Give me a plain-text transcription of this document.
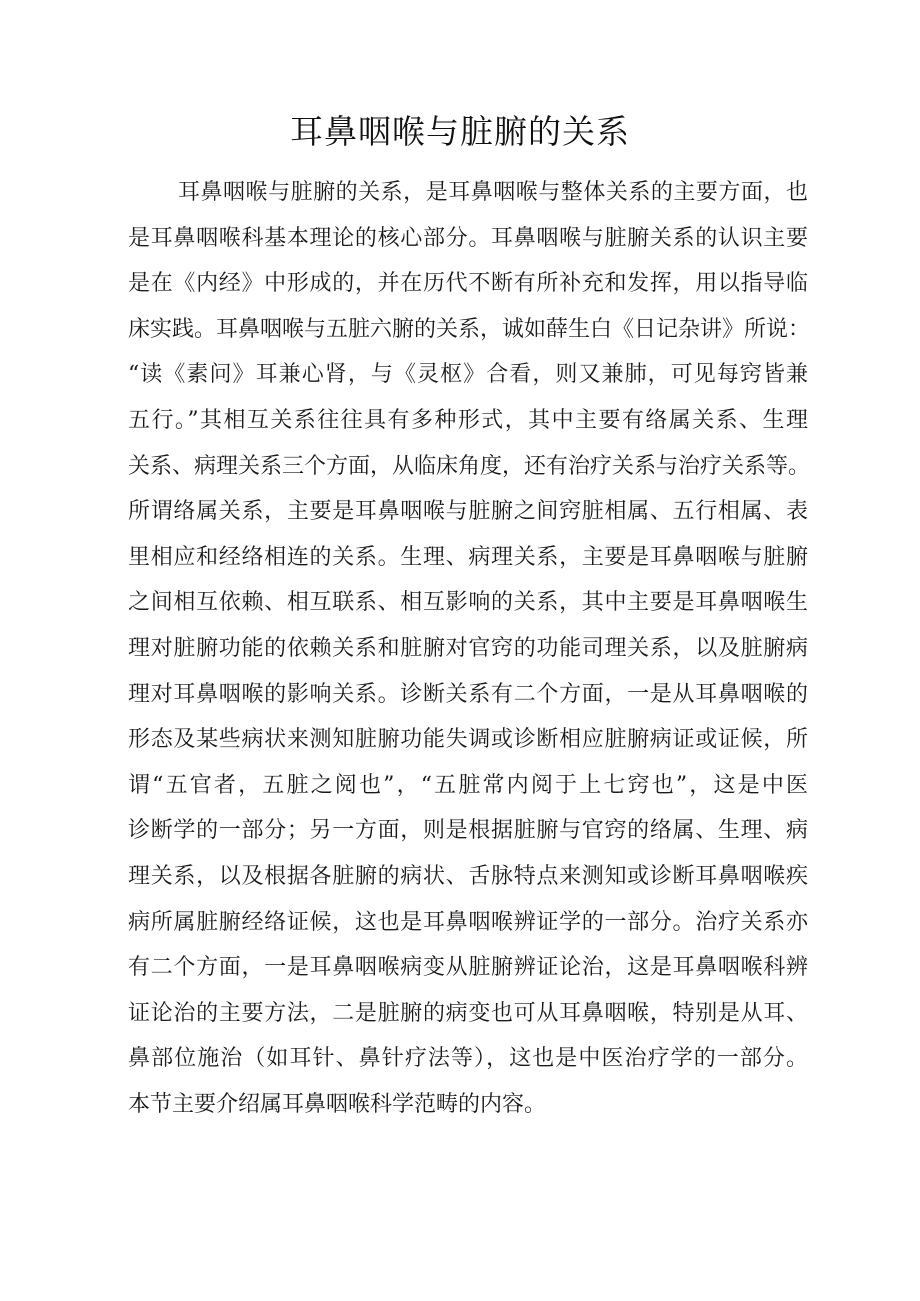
耳鼻咽喉与脏腑的关系
耳鼻咽喉与脏腑的关系，是耳鼻咽喉与整体关系的主要方面，也
是耳鼻咽喉科基本理论的核心部分。耳鼻咽喉与脏腑关系的认识主要
是在《内经》中形成的，并在历代不断有所补充和发挥，用以指导临
床实践。耳鼻咽喉与五脏六腑的关系，诚如薛生白《日记杂讲》所说：
“读《素问》耳兼心肾，与《灵枢》合看，则又兼肺，可见每窍皆兼
五行。”其相互关系往往具有多种形式，其中主要有络属关系、生理
关系、病理关系三个方面，从临床角度，还有治疗关系与治疗关系等。
所谓络属关系，主要是耳鼻咽喉与脏腑之间窍脏相属、五行相属、表
里相应和经络相连的关系。生理、病理关系，主要是耳鼻咽喉与脏腑
之间相互依赖、相互联系、相互影响的关系，其中主要是耳鼻咽喉生
理对脏腑功能的依赖关系和脏腑对官窍的功能司理关系，以及脏腑病
理对耳鼻咽喉的影响关系。诊断关系有二个方面，一是从耳鼻咽喉的
形态及某些病状来测知脏腑功能失调或诊断相应脏腑病证或证候，所
谓“五官者，五脏之阅也”，“五脏常内阅于上七窍也”，这是中医
诊断学的一部分；另一方面，则是根据脏腑与官窍的络属、生理、病
理关系，以及根据各脏腑的病状、舌脉特点来测知或诊断耳鼻咽喉疾
病所属脏腑经络证候，这也是耳鼻咽喉辨证学的一部分。治疗关系亦
有二个方面，一是耳鼻咽喉病变从脏腑辨证论治，这是耳鼻咽喉科辨
证论治的主要方法，二是脏腑的病变也可从耳鼻咽喉，特别是从耳、
鼻部位施治（如耳针、鼻针疗法等），这也是中医治疗学的一部分。
本节主要介绍属耳鼻咽喉科学范畴的内容。
